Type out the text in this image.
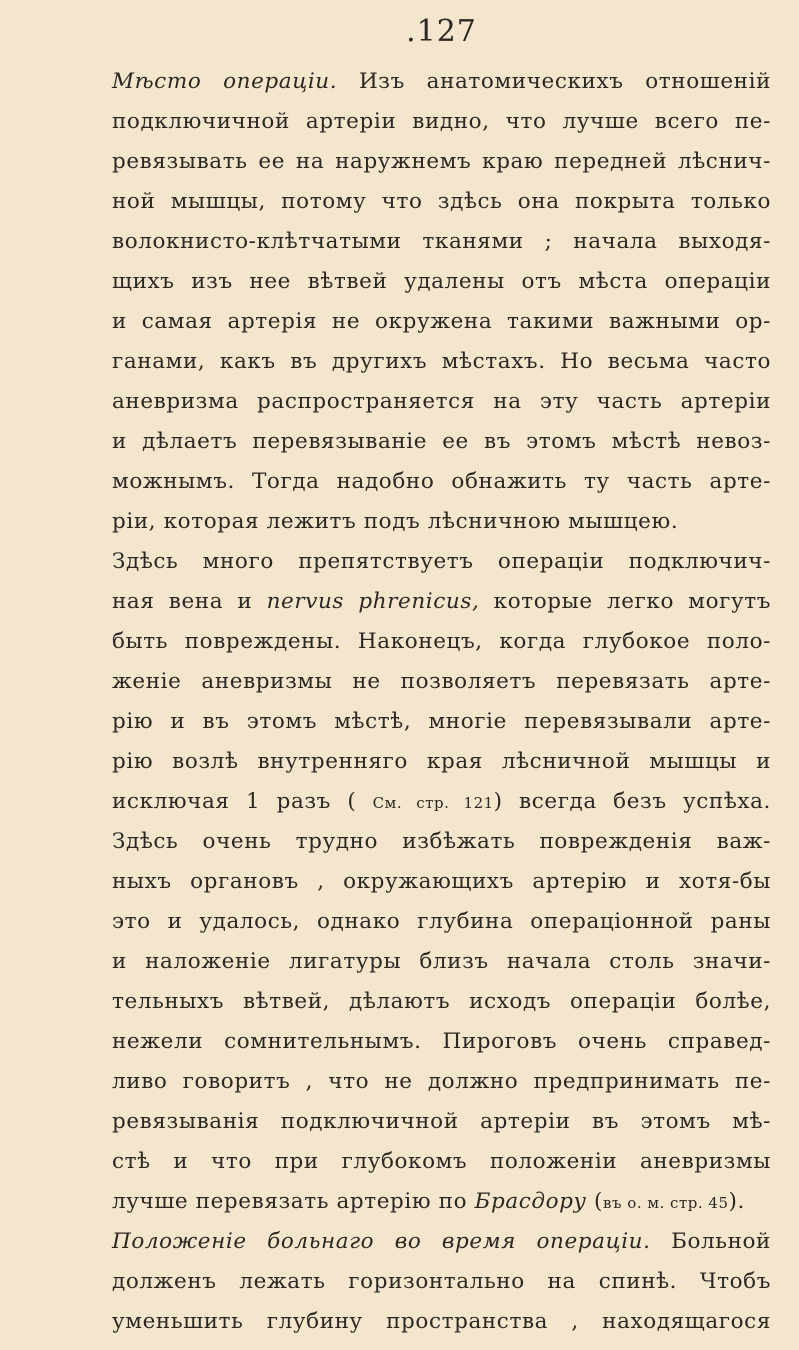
.127
Мѣсто операціи. Изъ анатомическихъ отношеній
подключичной артеріи видно, что лучше всего пе-
ревязывать ее на наружнемъ краю передней лѣснич-
ной мышцы, потому что здѣсь она покрыта только
волокнисто-клѣтчатыми тканями ; начала выходя-
щихъ изъ нее вѣтвей удалены отъ мѣста операціи
и самая артерія не окружена такими важными ор-
ганами, какъ въ другихъ мѣстахъ. Но весьма часто
аневризма распространяется на эту часть артеріи
и дѣлаетъ перевязываніе ее въ этомъ мѣстѣ невоз-
можнымъ. Тогда надобно обнажить ту часть арте-
ріи, которая лежитъ подъ лѣсничною мышцею.
Здѣсь много препятствуетъ операціи подключич-
ная вена и nervus phrenicus, которые легко могутъ
быть повреждены. Наконецъ, когда глубокое поло-
женіе аневризмы не позволяетъ перевязать арте-
рію и въ этомъ мѣстѣ, многіе перевязывали арте-
рію возлѣ внутренняго края лѣсничной мышцы и
исключая 1 разъ ( См. стр. 121) всегда безъ успѣха.
Здѣсь очень трудно избѣжать поврежденія важ-
ныхъ органовъ , окружающихъ артерію и хотя-бы
это и удалось, однако глубина операціонной раны
и наложеніе лигатуры близъ начала столь значи-
тельныхъ вѣтвей, дѣлаютъ исходъ операціи болѣе,
нежели сомнительнымъ. Пироговъ очень справед-
ливо говоритъ , что не должно предпринимать пе-
ревязыванія подключичной артеріи въ этомъ мѣ-
стѣ и что при глубокомъ положеніи аневризмы
лучше перевязать артерію по Брасдору (въ о. м. стр. 45).
Положеніе больнаго во время операціи. Больной
долженъ лежать горизонтально на спинѣ. Чтобъ
уменьшить глубину пространства , находящагося
